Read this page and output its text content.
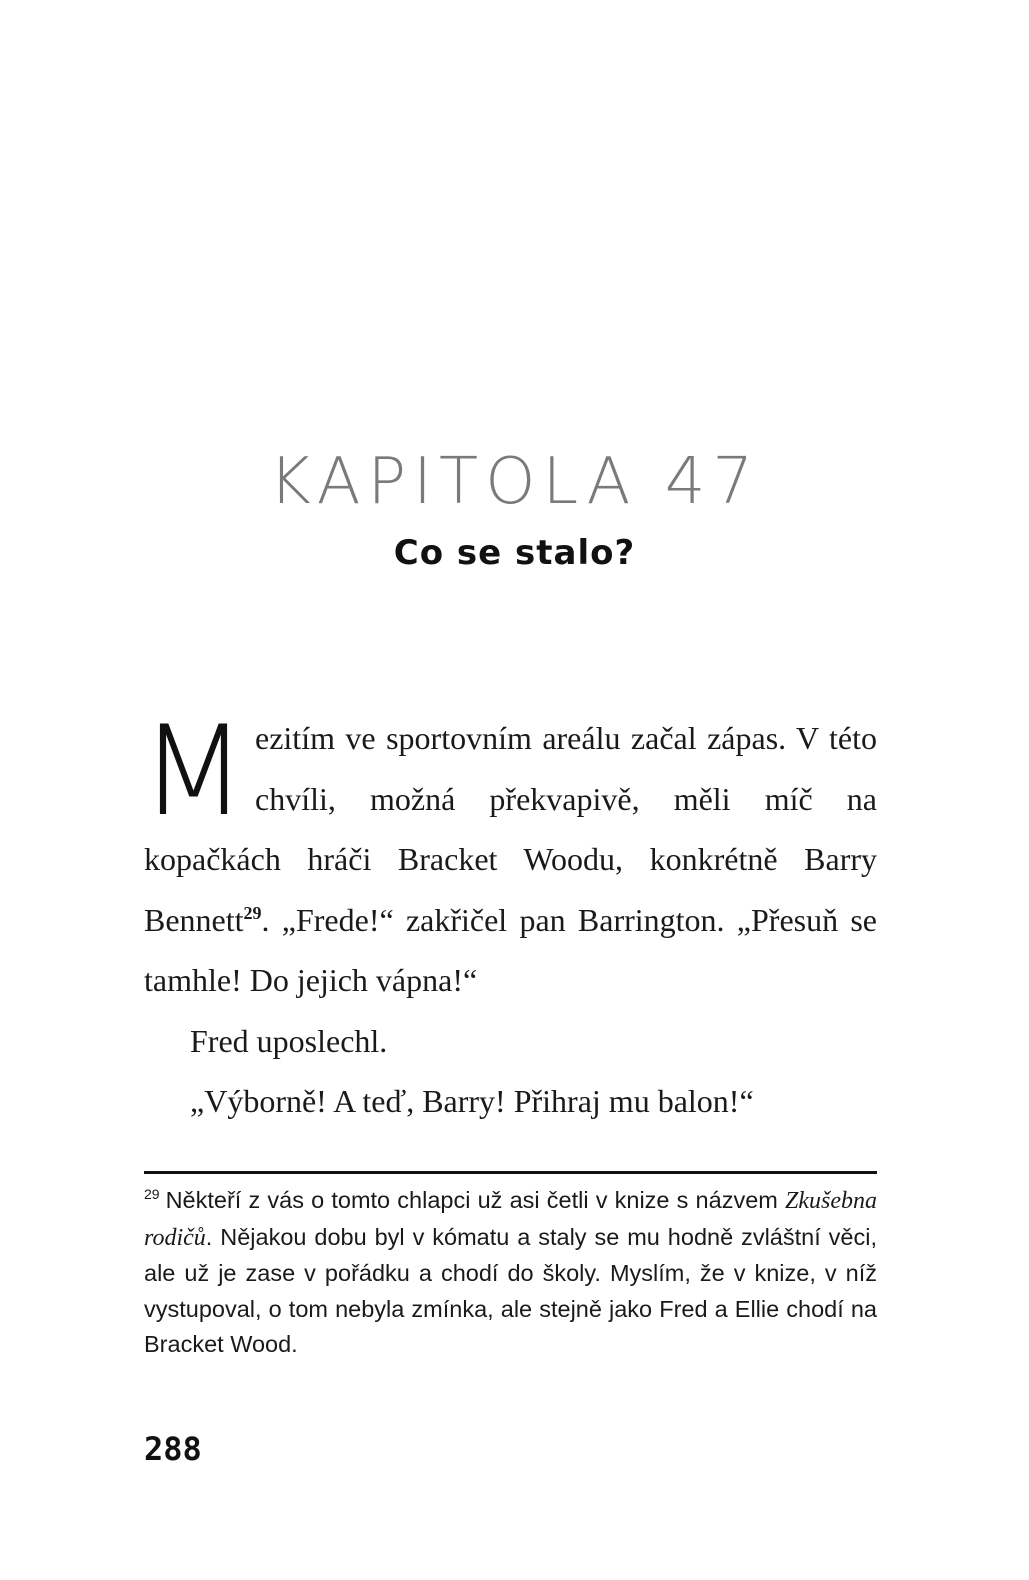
KAPITOLA 47
Co se stalo?

Mezitím ve sportovním areálu začal zápas. V této chvíli, možná překvapivě, měli míč na kopačkách hráči Bracket Woodu, konkrétně Barry Bennett$^{29}$. „Frede!“ zakřičel pan Barrington. „Přesuň se tamhle! Do jejich vápna!“

Fred uposlechl.

„Výborně! A teď, Barry! Přihraj mu balon!“

$^{29}$ Někteří z vás o tomto chlapci už asi četli v knize s názvem Zkušebna rodičů. Nějakou dobu byl v kómatu a staly se mu hodně zvláštní věci, ale už je zase v pořádku a chodí do školy. Myslím, že v knize, v níž vystupoval, o tom nebyla zmínka, ale stejně jako Fred a Ellie chodí na Bracket Wood.

288
